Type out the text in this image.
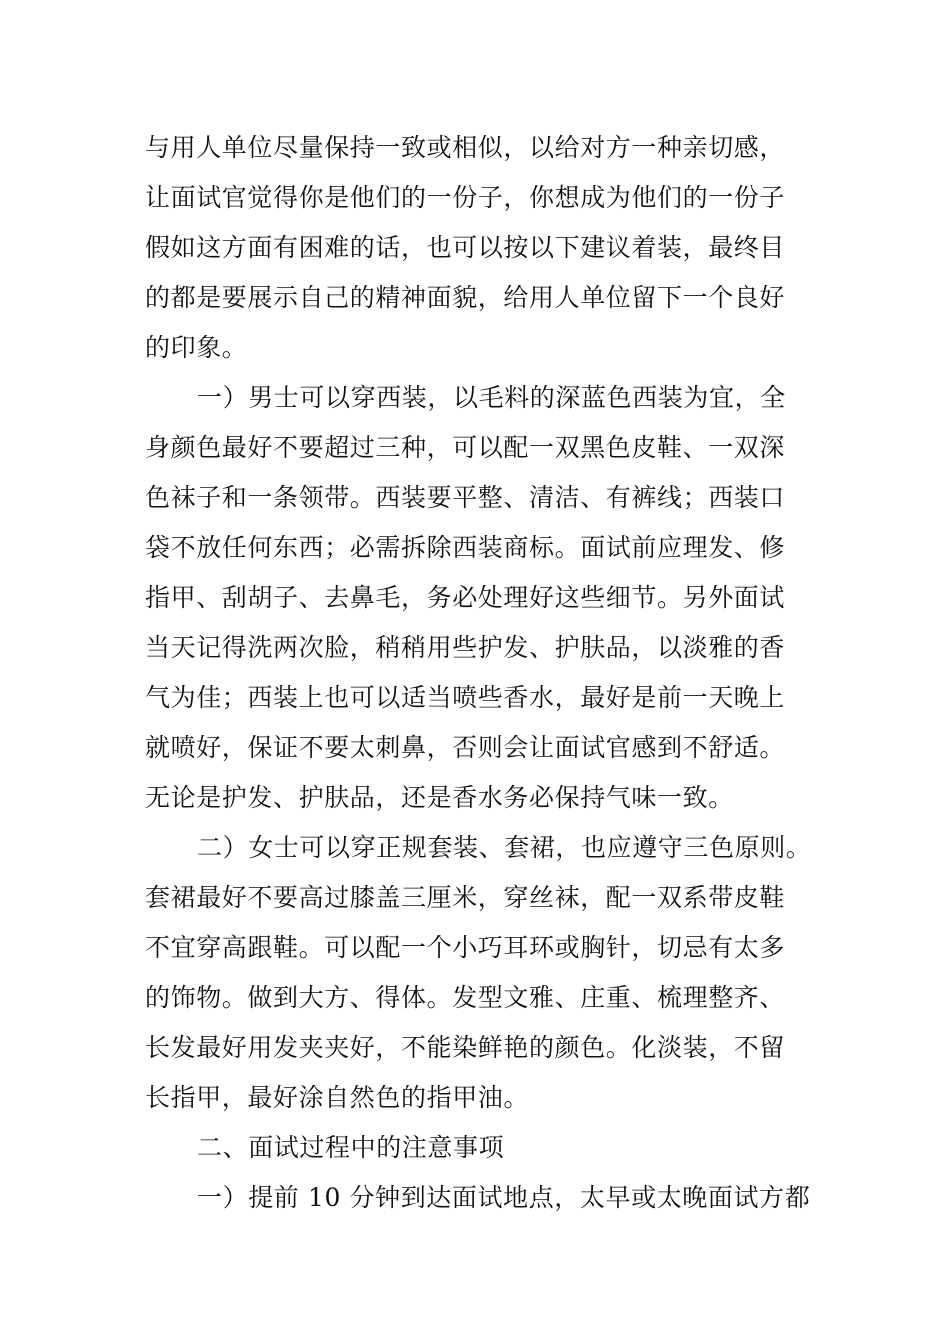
与用人单位尽量保持一致或相似，以给对方一种亲切感，
让面试官觉得你是他们的一份子，你想成为他们的一份子
假如这方面有困难的话，也可以按以下建议着装，最终目
的都是要展示自己的精神面貌，给用人单位留下一个良好
的印象。
一）男士可以穿西装，以毛料的深蓝色西装为宜，全
身颜色最好不要超过三种，可以配一双黑色皮鞋、一双深
色袜子和一条领带。西装要平整、清洁、有裤线；西装口
袋不放任何东西；必需拆除西装商标。面试前应理发、修
指甲、刮胡子、去鼻毛，务必处理好这些细节。另外面试
当天记得洗两次脸，稍稍用些护发、护肤品，以淡雅的香
气为佳；西装上也可以适当喷些香水，最好是前一天晚上
就喷好，保证不要太刺鼻，否则会让面试官感到不舒适。
无论是护发、护肤品，还是香水务必保持气味一致。
二）女士可以穿正规套装、套裙，也应遵守三色原则。
套裙最好不要高过膝盖三厘米，穿丝袜，配一双系带皮鞋
不宜穿高跟鞋。可以配一个小巧耳环或胸针，切忌有太多
的饰物。做到大方、得体。发型文雅、庄重、梳理整齐、
长发最好用发夹夹好，不能染鲜艳的颜色。化淡装，不留
长指甲，最好涂自然色的指甲油。
二、面试过程中的注意事项
一）提前 10 分钟到达面试地点，太早或太晚面试方都
